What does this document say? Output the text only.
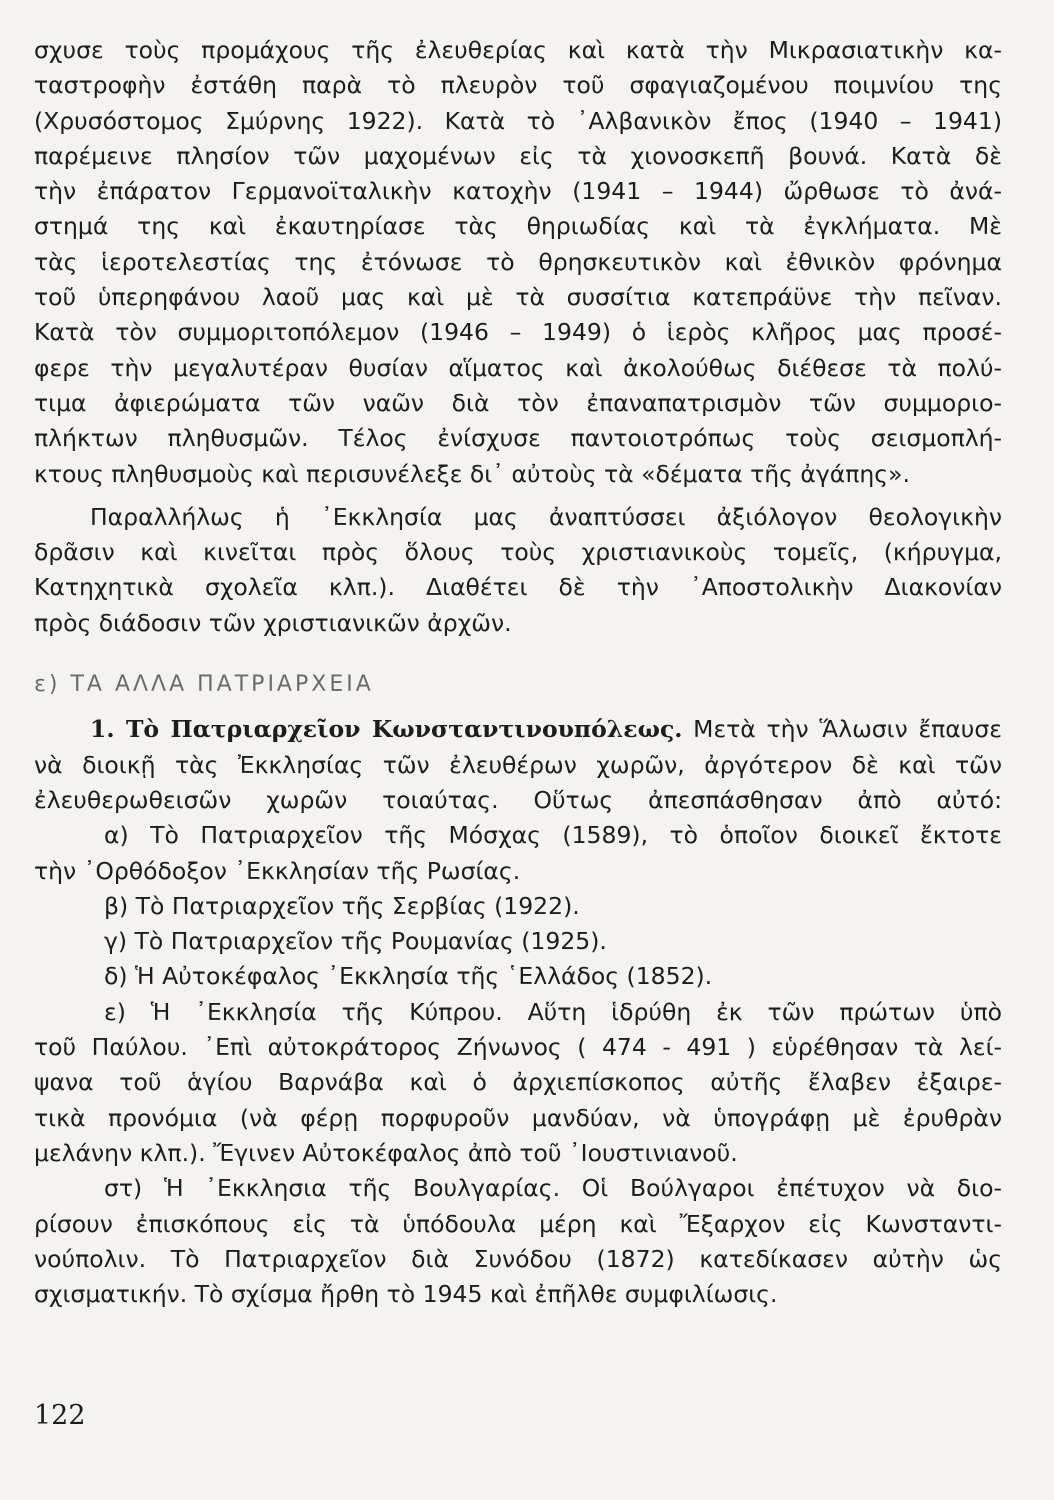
σχυσε τοὺς προμάχους τῆς ἐλευθερίας καὶ κατὰ τὴν Μικρασιατικὴν κα-
ταστροφὴν ἐστάθη παρὰ τὸ πλευρὸν τοῦ σφαγιαζομένου ποιμνίου της
(Χρυσόστομος Σμύρνης 1922). Κατὰ τὸ ᾿Αλβανικὸν ἔπος (1940 – 1941)
παρέμεινε πλησίον τῶν μαχομένων εἰς τὰ χιονοσκεπῆ βουνά. Κατὰ δὲ
τὴν ἐπάρατον Γερμανοϊταλικὴν κατοχὴν (1941 – 1944) ὤρθωσε τὸ ἀνά-
στημά της καὶ ἐκαυτηρίασε τὰς θηριωδίας καὶ τὰ ἐγκλήματα. Μὲ
τὰς ἱεροτελεστίας της ἐτόνωσε τὸ θρησκευτικὸν καὶ ἐθνικὸν φρόνημα
τοῦ ὑπερηφάνου λαοῦ μας καὶ μὲ τὰ συσσίτια κατεπράϋνε τὴν πεῖναν.
Κατὰ τὸν συμμοριτοπόλεμον (1946 – 1949) ὁ ἱερὸς κλῆρος μας προσέ-
φερε τὴν μεγαλυτέραν θυσίαν αἵματος καὶ ἀκολούθως διέθεσε τὰ πολύ-
τιμα ἀφιερώματα τῶν ναῶν διὰ τὸν ἐπαναπατρισμὸν τῶν συμμοριο-
πλήκτων πληθυσμῶν. Τέλος ἐνίσχυσε παντοιοτρόπως τοὺς σεισμοπλή-
κτους πληθυσμοὺς καὶ περισυνέλεξε δι᾿ αὐτοὺς τὰ «δέματα τῆς ἀγάπης».
Παραλλήλως ἡ ᾿Εκκλησία μας ἀναπτύσσει ἀξιόλογον θεολογικὴν
δρᾶσιν καὶ κινεῖται πρὸς ὅλους τοὺς χριστιανικοὺς τομεῖς, (κήρυγμα,
Κατηχητικὰ σχολεῖα κλπ.). Διαθέτει δὲ τὴν ᾿Αποστολικὴν Διακονίαν
πρὸς διάδοσιν τῶν χριστιανικῶν ἀρχῶν.
ε) ΤΑ ΑΛΛΑ ΠΑΤΡΙΑΡΧΕΙΑ
1. Τὸ Πατριαρχεῖον Κωνσταντινουπόλεως. Μετὰ τὴν Ἅλωσιν ἔπαυσε
νὰ διοικῇ τὰς Ἐκκλησίας τῶν ἐλευθέρων χωρῶν, ἀργότερον δὲ καὶ τῶν
ἐλευθερωθεισῶν χωρῶν τοιαύτας. Οὕτως ἀπεσπάσθησαν ἀπὸ αὐτό:
α) Τὸ Πατριαρχεῖον τῆς Μόσχας (1589), τὸ ὁποῖον διοικεῖ ἔκτοτε
τὴν ᾿Ορθόδοξον ᾿Εκκλησίαν τῆς Ρωσίας.
β) Τὸ Πατριαρχεῖον τῆς Σερβίας (1922).
γ) Τὸ Πατριαρχεῖον τῆς Ρουμανίας (1925).
δ) Ἡ Αὐτοκέφαλος ᾿Εκκλησία τῆς ῾Ελλάδος (1852).
ε) Ἡ ᾿Εκκλησία τῆς Κύπρου. Αὕτη ἱδρύθη ἐκ τῶν πρώτων ὑπὸ
τοῦ Παύλου. ᾿Επὶ αὐτοκράτορος Ζήνωνος ( 474 - 491 ) εὑρέθησαν τὰ λεί-
ψανα τοῦ ἁγίου Βαρνάβα καὶ ὁ ἀρχιεπίσκοπος αὐτῆς ἔλαβεν ἐξαιρε-
τικὰ προνόμια (νὰ φέρῃ πορφυροῦν μανδύαν, νὰ ὑπογράφῃ μὲ ἐρυθρὰν
μελάνην κλπ.). Ἔγινεν Αὐτοκέφαλος ἀπὸ τοῦ ᾿Ιουστινιανοῦ.
στ) Ἡ ᾿Εκκλησια τῆς Βουλγαρίας. Οἱ Βούλγαροι ἐπέτυχον νὰ διο-
ρίσουν ἐπισκόπους εἰς τὰ ὑπόδουλα μέρη καὶ Ἔξαρχον εἰς Κωνσταντι-
νούπολιν. Τὸ Πατριαρχεῖον διὰ Συνόδου (1872) κατεδίκασεν αὐτὴν ὡς
σχισματικήν. Τὸ σχίσμα ἤρθη τὸ 1945 καὶ ἐπῆλθε συμφιλίωσις.
122
